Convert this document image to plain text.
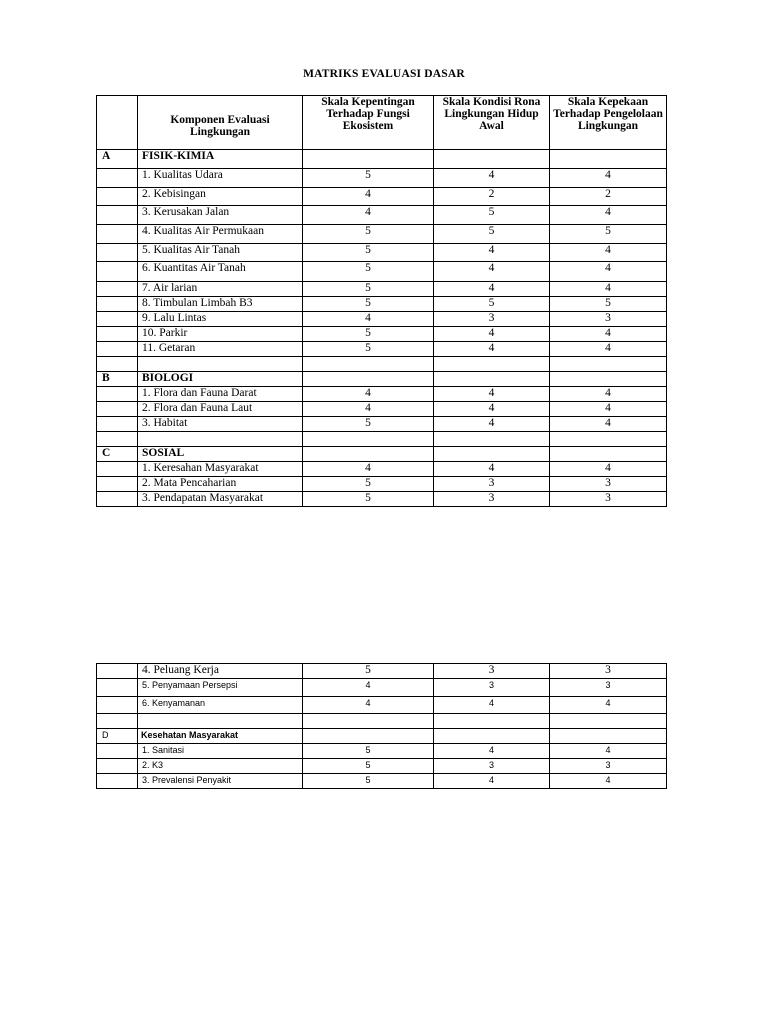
MATRIKS EVALUASI DASAR
	Komponen Evaluasi Lingkungan	Skala Kepentingan Terhadap Fungsi Ekosistem	Skala Kondisi Rona Lingkungan Hidup Awal	Skala Kepekaan Terhadap Pengelolaan Lingkungan
A	FISIK-KIMIA			
	1. Kualitas Udara	5	4	4
	2. Kebisingan	4	2	2
	3. Kerusakan Jalan	4	5	4
	4. Kualitas Air Permukaan	5	5	5
	5. Kualitas Air Tanah	5	4	4
	6. Kuantitas Air Tanah	5	4	4
	7. Air larian	5	4	4
	8. Timbulan Limbah B3	5	5	5
	9. Lalu Lintas	4	3	3
	10. Parkir	5	4	4
	11. Getaran	5	4	4

B	BIOLOGI			
	1. Flora dan Fauna Darat	4	4	4
	2. Flora dan Fauna Laut	4	4	4
	3. Habitat	5	4	4

C	SOSIAL			
	1. Keresahan Masyarakat	4	4	4
	2. Mata Pencaharian	5	3	3
	3. Pendapatan Masyarakat	5	3	3
	4. Peluang Kerja	5	3	3
	5. Penyamaan Persepsi	4	3	3
	6. Kenyamanan	4	4	4

D	Kesehatan Masyarakat			
	1. Sanitasi	5	4	4
	2. K3	5	3	3
	3. Prevalensi Penyakit	5	4	4
